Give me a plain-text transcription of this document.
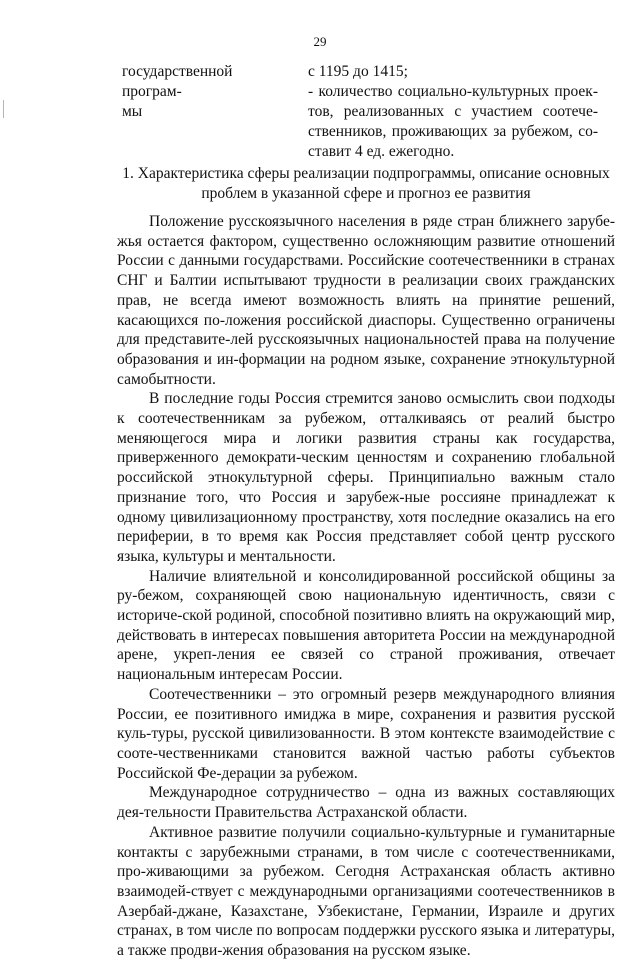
29
государственной програм-
мы
с 1195 до 1415;
- количество социально-культурных проек-тов, реализованных с участием соотече-ственников, проживающих за рубежом, со-ставит 4 ед. ежегодно.
1. Характеристика сферы реализации подпрограммы, описание основных проблем в указанной сфере и прогноз ее развития

Положение русскоязычного населения в ряде стран ближнего зарубе-жья остается фактором, существенно осложняющим развитие отношений России с данными государствами. Российские соотечественники в странах СНГ и Балтии испытывают трудности в реализации своих гражданских прав, не всегда имеют возможность влиять на принятие решений, касающихся по-ложения российской диаспоры. Существенно ограничены для представите-лей русскоязычных национальностей права на получение образования и ин-формации на родном языке, сохранение этнокультурной самобытности.

В последние годы Россия стремится заново осмыслить свои подходы к соотечественникам за рубежом, отталкиваясь от реалий быстро меняющегося мира и логики развития страны как государства, приверженного демократи-ческим ценностям и сохранению глобальной российской этнокультурной сферы. Принципиально важным стало признание того, что Россия и зарубеж-ные россияне принадлежат к одному цивилизационному пространству, хотя последние оказались на его периферии, в то время как Россия представляет собой центр русского языка, культуры и ментальности.

Наличие влиятельной и консолидированной российской общины за ру-бежом, сохраняющей свою национальную идентичность, связи с историче-ской родиной, способной позитивно влиять на окружающий мир, действовать в интересах повышения авторитета России на международной арене, укреп-ления ее связей со страной проживания, отвечает национальным интересам России.

Соотечественники – это огромный резерв международного влияния России, ее позитивного имиджа в мире, сохранения и развития русской куль-туры, русской цивилизованности. В этом контексте взаимодействие с соотe-чественниками становится важной частью работы субъектов Российской Фе-дерации за рубежом.

Международное сотрудничество – одна из важных составляющих дея-тельности Правительства Астраханской области.

Активное развитие получили социально-культурные и гуманитарные контакты с зарубежными странами, в том числе с соотечественниками, про-живающими за рубежом. Сегодня Астраханская область активно взаимодей-ствует с международными организациями соотечественников в Азербай-джане, Казахстане, Узбекистане, Германии, Израиле и других странах, в том числе по вопросам поддержки русского языка и литературы, а также продви-жения образования на русском языке.
